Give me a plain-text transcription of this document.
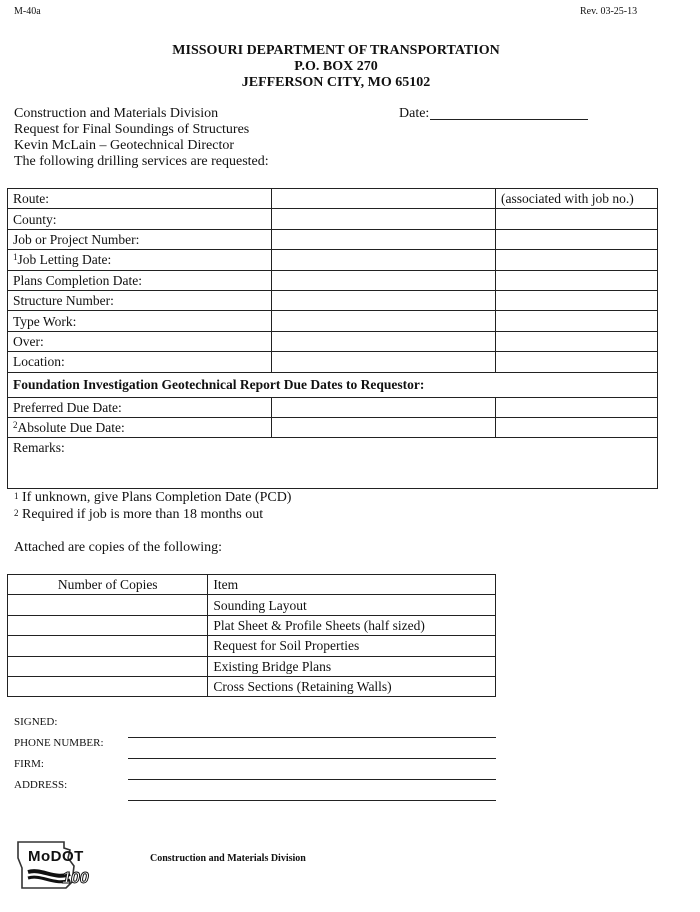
M-40a	Rev. 03-25-13
MISSOURI DEPARTMENT OF TRANSPORTATION
P.O. BOX 270
JEFFERSON CITY, MO 65102
Construction and Materials Division	Date:
Request for Final Soundings of Structures
Kevin McLain – Geotechnical Director
The following drilling services are requested:
Route:		(associated with job no.)
County:		
Job or Project Number:		
$^1$Job Letting Date:		
Plans Completion Date:		
Structure Number:		
Type Work:		
Over:		
Location:		
Foundation Investigation Geotechnical Report Due Dates to Requestor:		
Preferred Due Date:		
$^2$Absolute Due Date:		
Remarks:		
$^1$ If unknown, give Plans Completion Date (PCD)
$^2$ Required if job is more than 18 months out
Attached are copies of the following:
Number of Copies	Item
	Sounding Layout
	Plat Sheet & Profile Sheets (half sized)
	Request for Soil Properties
	Existing Bridge Plans
	Cross Sections (Retaining Walls)
SIGNED:
PHONE NUMBER:
FIRM:
ADDRESS:
MoDOT
100
Construction and Materials Division
